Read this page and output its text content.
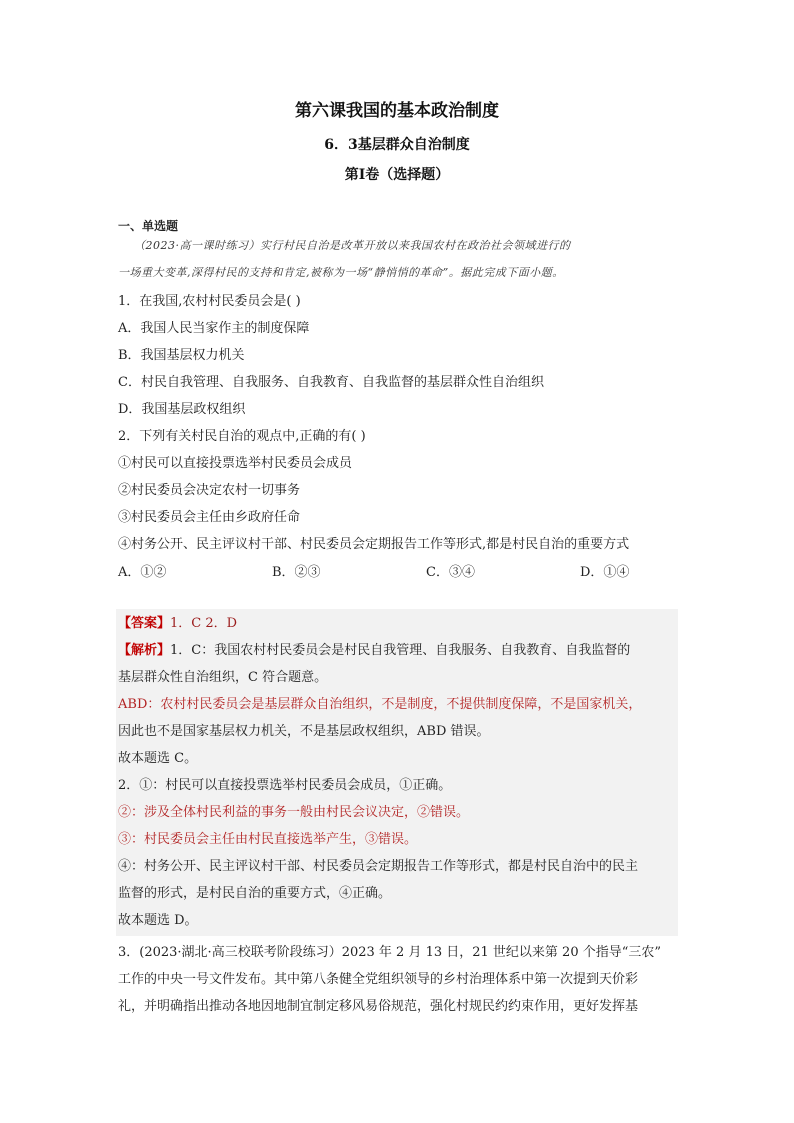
第六课我国的基本政治制度
6．3基层群众自治制度
第Ⅰ卷（选择题）
一、单选题
（2023·高一课时练习）实行村民自治是改革开放以来我国农村在政治社会领域进行的
一场重大变革,深得村民的支持和肯定,被称为一场“静悄悄的革命”。据此完成下面小题。
1．在我国,农村村民委员会是( )
A．我国人民当家作主的制度保障
B．我国基层权力机关
C．村民自我管理、自我服务、自我教育、自我监督的基层群众性自治组织
D．我国基层政权组织
2．下列有关村民自治的观点中,正确的有( )
①村民可以直接投票选举村民委员会成员
②村民委员会决定农村一切事务
③村民委员会主任由乡政府任命
④村务公开、民主评议村干部、村民委员会定期报告工作等形式,都是村民自治的重要方式
A．①②	B．②③	C．③④	D．①④
【答案】1．C 2．D
【解析】1．C：我国农村村民委员会是村民自我管理、自我服务、自我教育、自我监督的
基层群众性自治组织，C 符合题意。
ABD：农村村民委员会是基层群众自治组织，不是制度，不提供制度保障，不是国家机关，
因此也不是国家基层权力机关，不是基层政权组织，ABD 错误。
故本题选 C。
2．①：村民可以直接投票选举村民委员会成员，①正确。
②：涉及全体村民利益的事务一般由村民会议决定，②错误。
③：村民委员会主任由村民直接选举产生，③错误。
④：村务公开、民主评议村干部、村民委员会定期报告工作等形式，都是村民自治中的民主
监督的形式，是村民自治的重要方式，④正确。
故本题选 D。
3．(2023·湖北·高三校联考阶段练习）2023 年 2 月 13 日，21 世纪以来第 20 个指导“三农”
工作的中央一号文件发布。其中第八条健全党组织领导的乡村治理体系中第一次提到天价彩
礼，并明确指出推动各地因地制宜制定移风易俗规范，强化村规民约约束作用，更好发挥基
